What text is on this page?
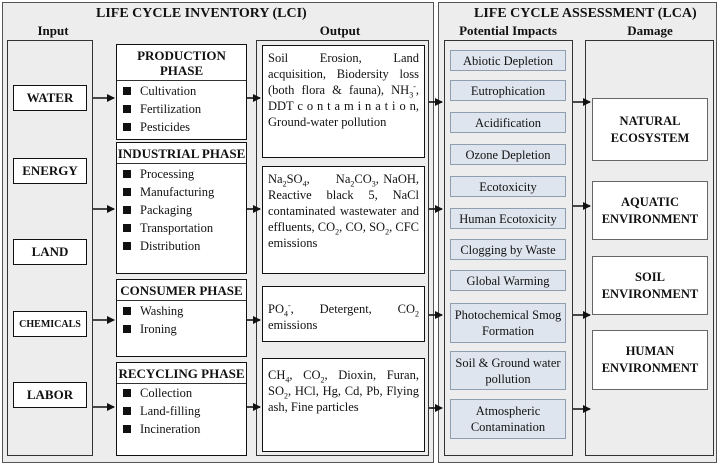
LIFE CYCLE INVENTORY (LCI)	LIFE CYCLE ASSESSMENT (LCA)
Input	Output	Potential Impacts	Damage
WATER
ENERGY
LAND
CHEMICALS
LABOR
PRODUCTION PHASE
Cultivation
Fertilization
Pesticides
INDUSTRIAL PHASE
Processing
Manufacturing
Packaging
Transportation
Distribution
CONSUMER PHASE
Washing
Ironing
RECYCLING PHASE
Collection
Land-filling
Incineration
Soil Erosion, Land acquisition, Biodersity loss (both flora & fauna), $NH_3^-$, DDT c o n t a m i n a t i o n, Ground-water pollution
$Na_2SO_4$,      $Na_2CO_3$, NaOH, Reactive black 5, NaCl contaminated wastewater and effluents, $CO_2$, CO, $SO_2$, CFC emissions
$PO_4^-$, Detergent, $CO_2$ emissions
$CH_4$, $CO_2$, Dioxin, Furan, $SO_2$, HCl, Hg, Cd, Pb, Flying ash, Fine particles
Abiotic Depletion
Eutrophication
Acidification
Ozone Depletion
Ecotoxicity
Human Ecotoxicity
Clogging by Waste
Global Warming
Photochemical Smog Formation
Soil & Ground water pollution
Atmospheric Contamination
NATURAL ECOSYSTEM
AQUATIC ENVIRONMENT
SOIL ENVIRONMENT
HUMAN ENVIRONMENT
